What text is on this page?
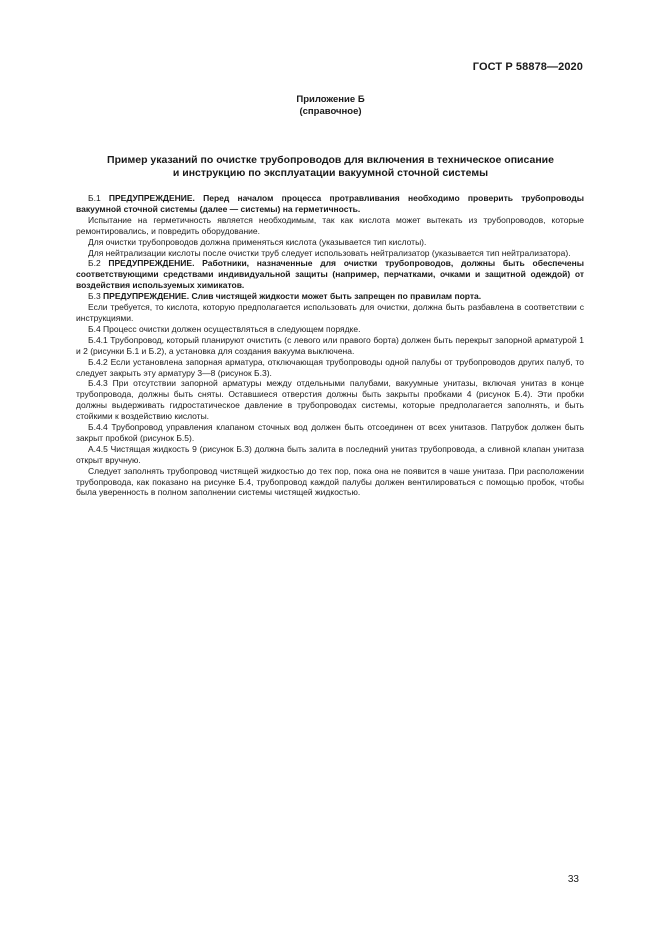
ГОСТ Р 58878—2020
Приложение Б
(справочное)
Пример указаний по очистке трубопроводов для включения в техническое описание
и инструкцию по эксплуатации вакуумной сточной системы

Б.1 ПРЕДУПРЕЖДЕНИЕ. Перед началом процесса протравливания необходимо проверить трубопроводы вакуумной сточной системы (далее — системы) на герметичность.

Испытание на герметичность является необходимым, так как кислота может вытекать из трубопроводов, которые ремонтировались, и повредить оборудование.

Для очистки трубопроводов должна применяться кислота (указывается тип кислоты).

Для нейтрализации кислоты после очистки труб следует использовать нейтрализатор (указывается тип нейтрализатора).

Б.2 ПРЕДУПРЕЖДЕНИЕ. Работники, назначенные для очистки трубопроводов, должны быть обеспечены соответствующими средствами индивидуальной защиты (например, перчатками, очками и защитной одеждой) от воздействия используемых химикатов.

Б.3 ПРЕДУПРЕЖДЕНИЕ. Слив чистящей жидкости может быть запрещен по правилам порта.

Если требуется, то кислота, которую предполагается использовать для очистки, должна быть разбавлена в соответствии с инструкциями.

Б.4 Процесс очистки должен осуществляться в следующем порядке.

Б.4.1 Трубопровод, который планируют очистить (с левого или правого борта) должен быть перекрыт запорной арматурой 1 и 2 (рисунки Б.1 и Б.2), а установка для создания вакуума выключена.

Б.4.2 Если установлена запорная арматура, отключающая трубопроводы одной палубы от трубопроводов других палуб, то следует закрыть эту арматуру 3—8 (рисунок Б.3).

Б.4.3 При отсутствии запорной арматуры между отдельными палубами, вакуумные унитазы, включая унитаз в конце трубопровода, должны быть сняты. Оставшиеся отверстия должны быть закрыты пробками 4 (рисунок Б.4). Эти пробки должны выдерживать гидростатическое давление в трубопроводах системы, которые предполагается заполнять, и быть стойкими к воздействию кислоты.

Б.4.4 Трубопровод управления клапаном сточных вод должен быть отсоединен от всех унитазов. Патрубок должен быть закрыт пробкой (рисунок Б.5).

А.4.5 Чистящая жидкость 9 (рисунок Б.3) должна быть залита в последний унитаз трубопровода, а сливной клапан унитаза открыт вручную.

Следует заполнять трубопровод чистящей жидкостью до тех пор, пока она не появится в чаше унитаза. При расположении трубопровода, как показано на рисунке Б.4, трубопровод каждой палубы должен вентилироваться с помощью пробок, чтобы была уверенность в полном заполнении системы чистящей жидкостью.

33
